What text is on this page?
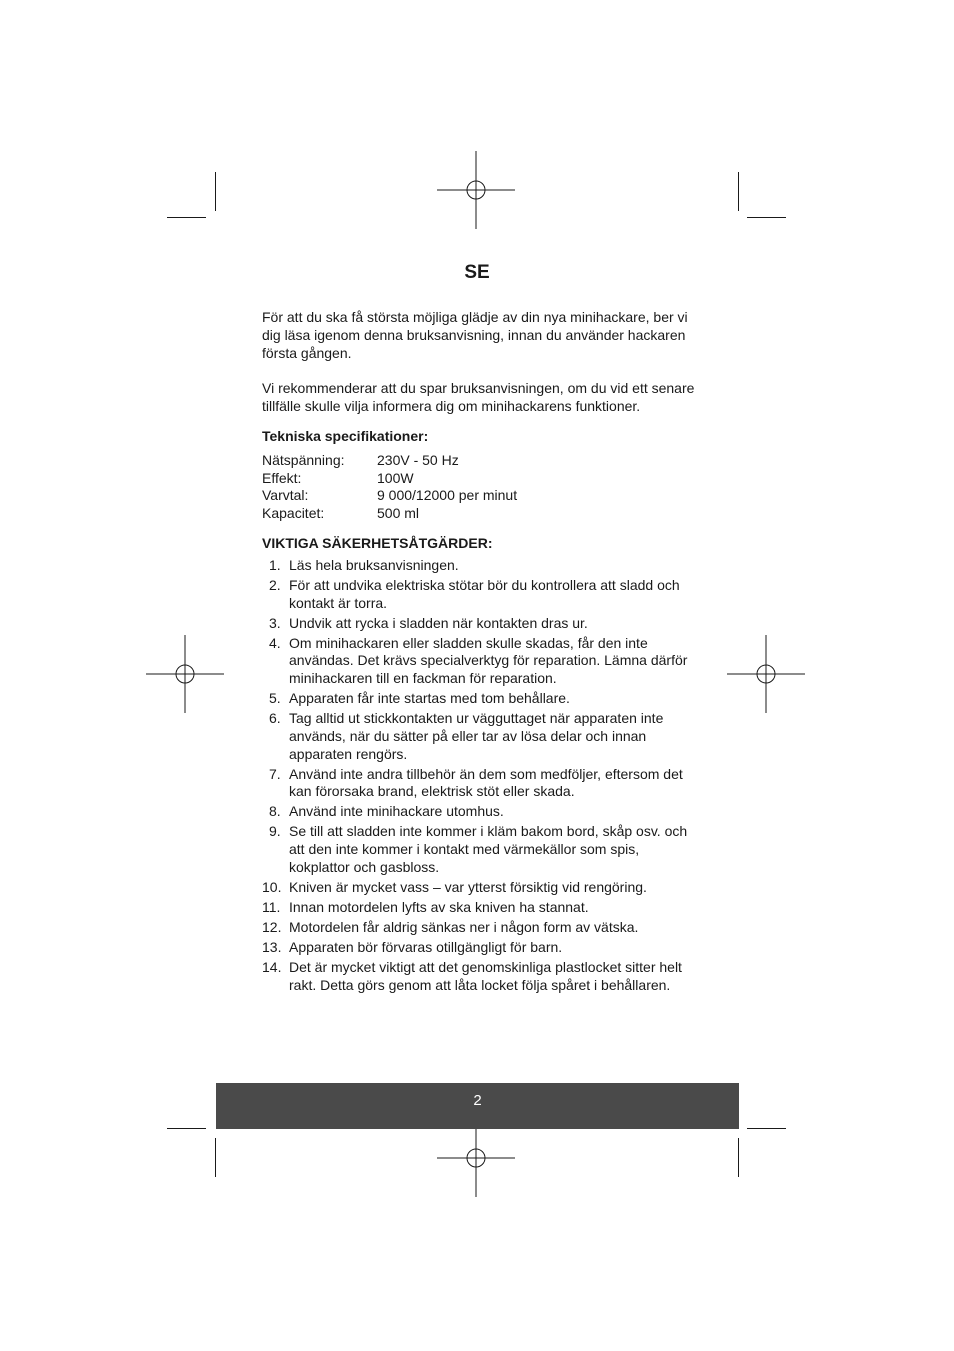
SE

För att du ska få största möjliga glädje av din nya minihackare, ber vi dig läsa igenom denna bruksanvisning, innan du använder hackaren första gången.

Vi rekommenderar att du spar bruksanvisningen, om du vid ett senare tillfälle skulle vilja informera dig om minihackarens funktioner.

Tekniska specifikationer:

Nätspänning:	230V - 50 Hz
Effekt:	100W
Varvtal:	9 000/12000 per minut
Kapacitet:	500 ml

VIKTIGA SÄKERHETSÅTGÄRDER:

1. Läs hela bruksanvisningen.
2. För att undvika elektriska stötar bör du kontrollera att sladd och kontakt är torra.
3. Undvik att rycka i sladden när kontakten dras ur.
4. Om minihackaren eller sladden skulle skadas, får den inte användas. Det krävs specialverktyg för reparation. Lämna därför minihackaren till en fackman för reparation.
5. Apparaten får inte startas med tom behållare.
6. Tag alltid ut stickkontakten ur vägguttaget när apparaten inte används, när du sätter på eller tar av lösa delar och innan apparaten rengörs.
7. Använd inte andra tillbehör än dem som medföljer, eftersom det kan förorsaka brand, elektrisk stöt eller skada.
8. Använd inte minihackare utomhus.
9. Se till att sladden inte kommer i kläm bakom bord, skåp osv. och att den inte kommer i kontakt med värmekällor som spis, kokplattor och gasbloss.
10. Kniven är mycket vass – var ytterst försiktig vid rengöring.
11. Innan motordelen lyfts av ska kniven ha stannat.
12. Motordelen får aldrig sänkas ner i någon form av vätska.
13. Apparaten bör förvaras otillgängligt för barn.
14. Det är mycket viktigt att det genomskinliga plastlocket sitter helt rakt. Detta görs genom att låta locket följa spåret i behållaren.
2
